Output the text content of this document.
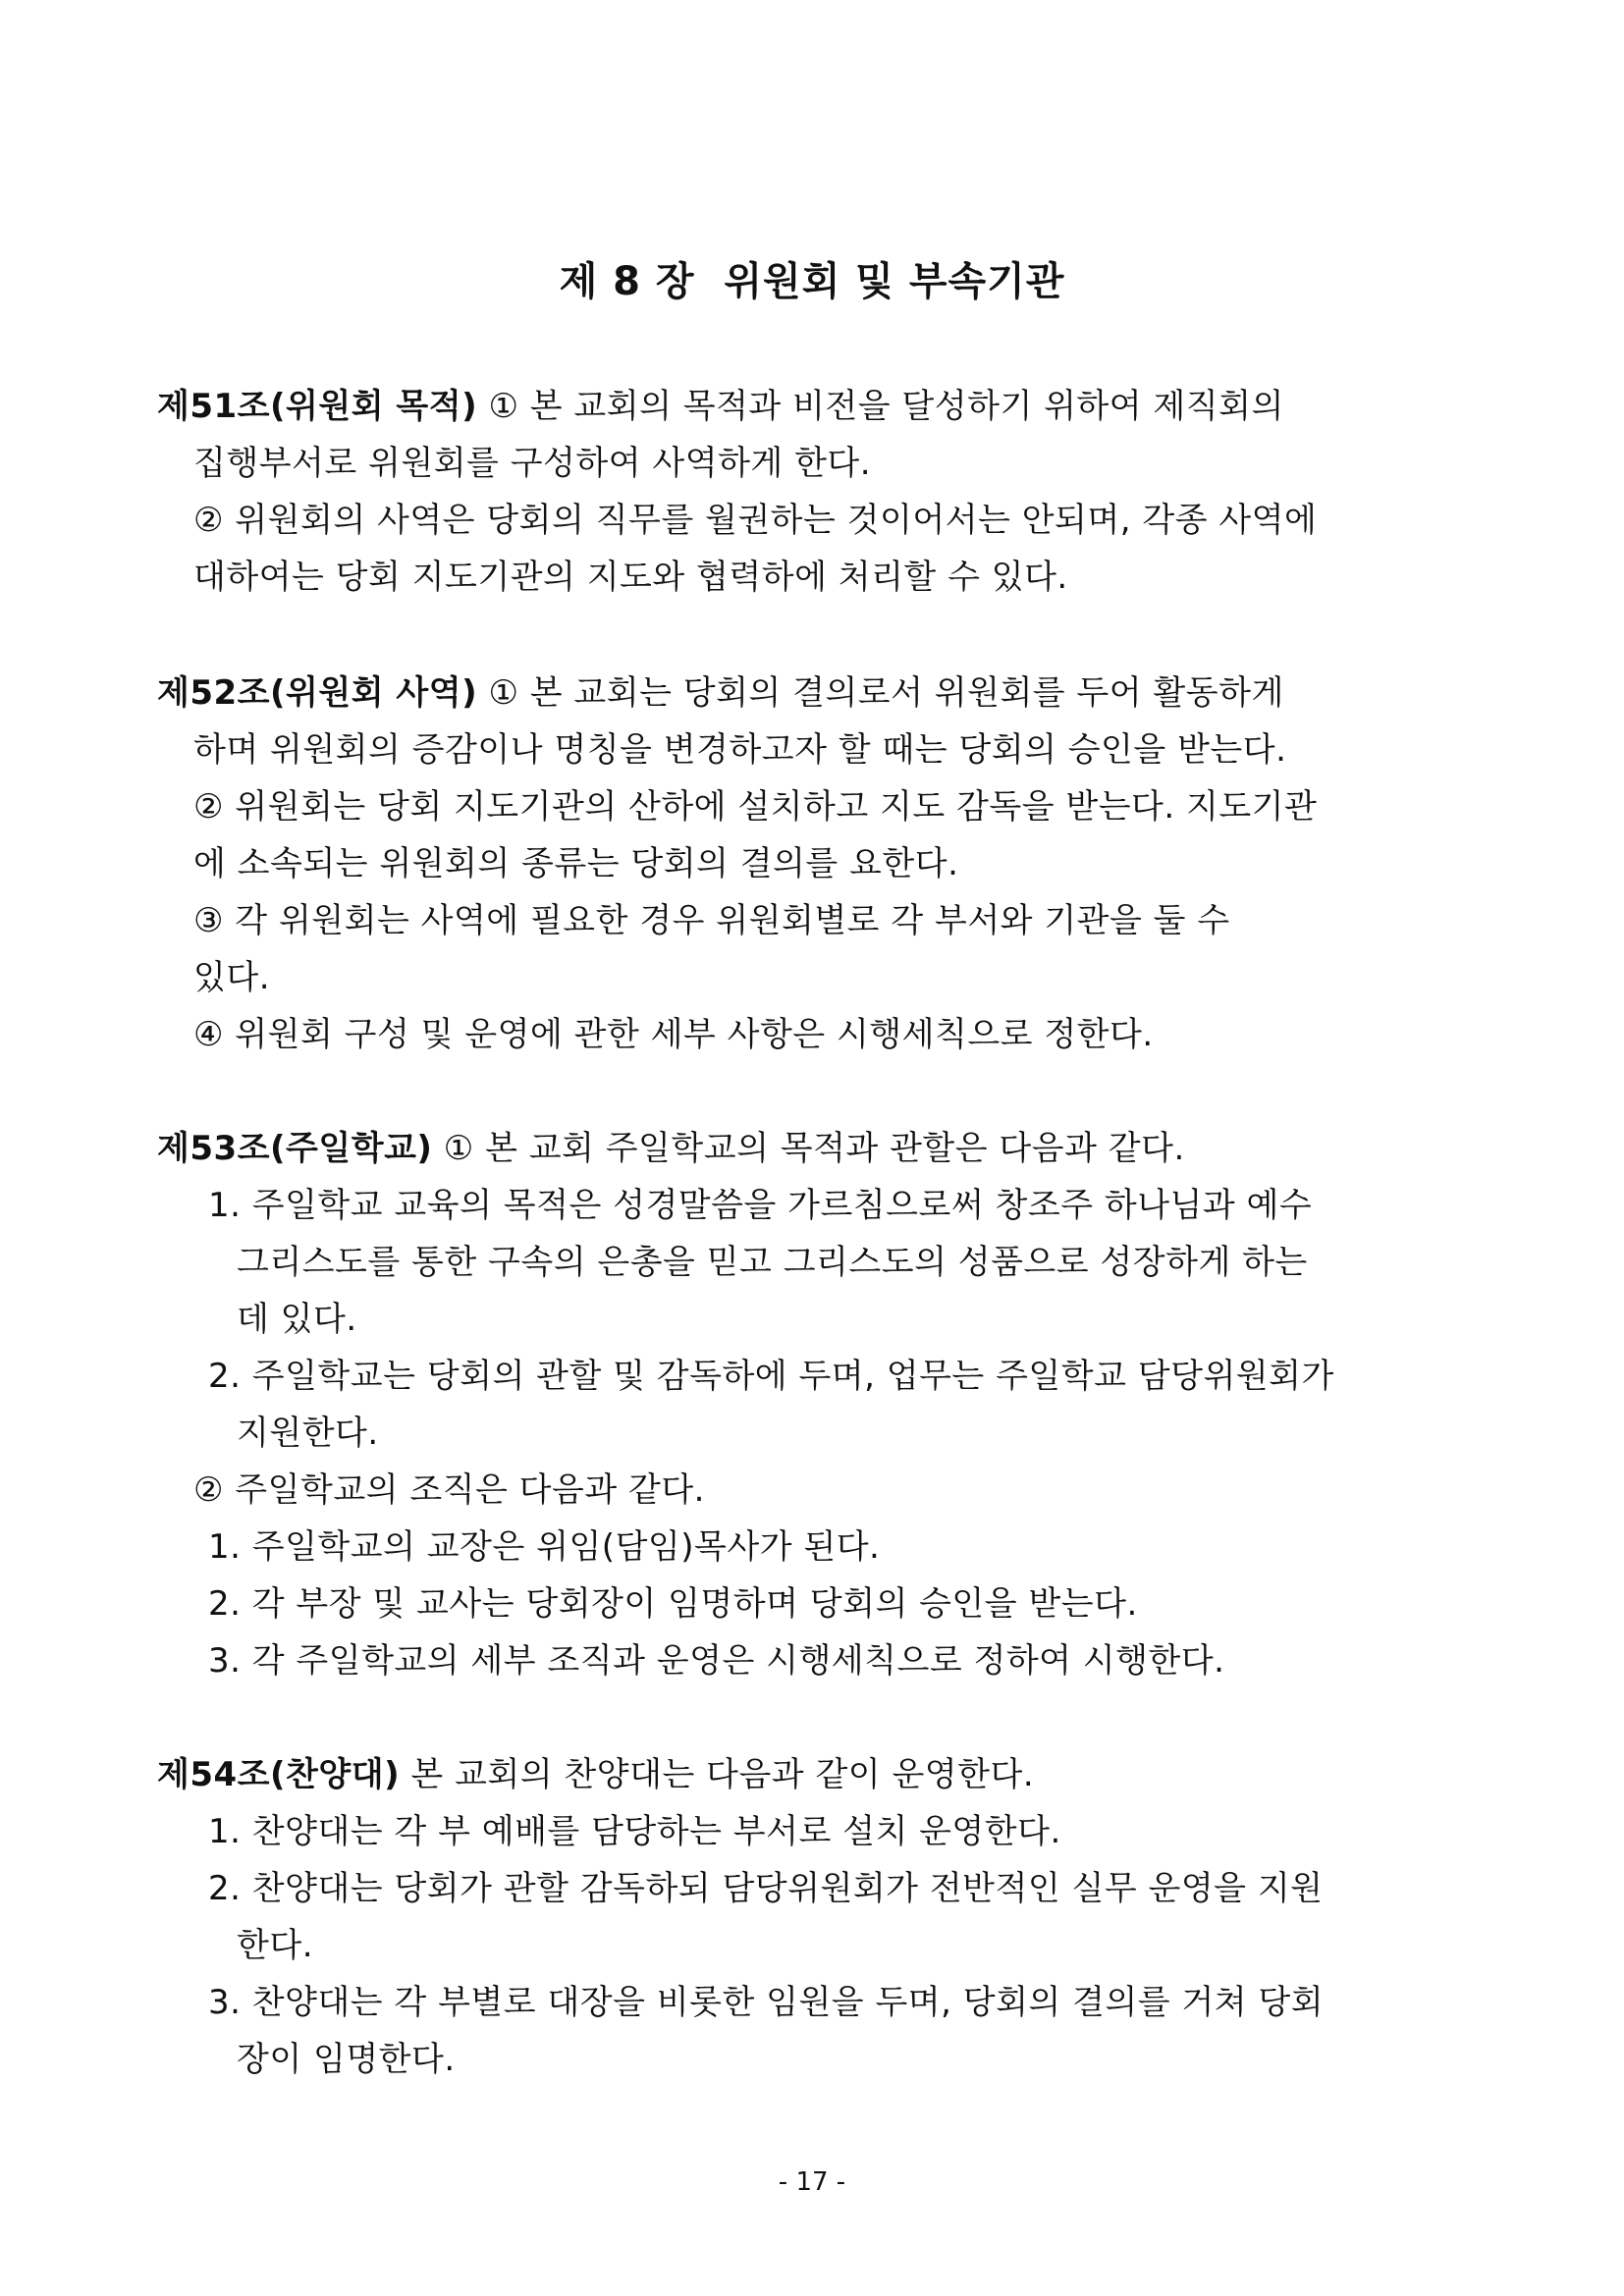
제 8 장  위원회 및 부속기관
제51조(위원회 목적) ① 본 교회의 목적과 비전을 달성하기 위하여 제직회의
집행부서로 위원회를 구성하여 사역하게 한다.
② 위원회의 사역은 당회의 직무를 월권하는 것이어서는 안되며, 각종 사역에
대하여는 당회 지도기관의 지도와 협력하에 처리할 수 있다.
제52조(위원회 사역) ① 본 교회는 당회의 결의로서 위원회를 두어 활동하게
하며 위원회의 증감이나 명칭을 변경하고자 할 때는 당회의 승인을 받는다.
② 위원회는 당회 지도기관의 산하에 설치하고 지도 감독을 받는다. 지도기관
에 소속되는 위원회의 종류는 당회의 결의를 요한다.
③ 각 위원회는 사역에 필요한 경우 위원회별로 각 부서와 기관을 둘 수
있다.
④ 위원회 구성 및 운영에 관한 세부 사항은 시행세칙으로 정한다.
제53조(주일학교) ① 본 교회 주일학교의 목적과 관할은 다음과 같다.
1. 주일학교 교육의 목적은 성경말씀을 가르침으로써 창조주 하나님과 예수
그리스도를 통한 구속의 은총을 믿고 그리스도의 성품으로 성장하게 하는
데 있다.
2. 주일학교는 당회의 관할 및 감독하에 두며, 업무는 주일학교 담당위원회가
지원한다.
② 주일학교의 조직은 다음과 같다.
1. 주일학교의 교장은 위임(담임)목사가 된다.
2. 각 부장 및 교사는 당회장이 임명하며 당회의 승인을 받는다.
3. 각 주일학교의 세부 조직과 운영은 시행세칙으로 정하여 시행한다.
제54조(찬양대) 본 교회의 찬양대는 다음과 같이 운영한다.
1. 찬양대는 각 부 예배를 담당하는 부서로 설치 운영한다.
2. 찬양대는 당회가 관할 감독하되 담당위원회가 전반적인 실무 운영을 지원
한다.
3. 찬양대는 각 부별로 대장을 비롯한 임원을 두며, 당회의 결의를 거쳐 당회
장이 임명한다.
- 17 -
